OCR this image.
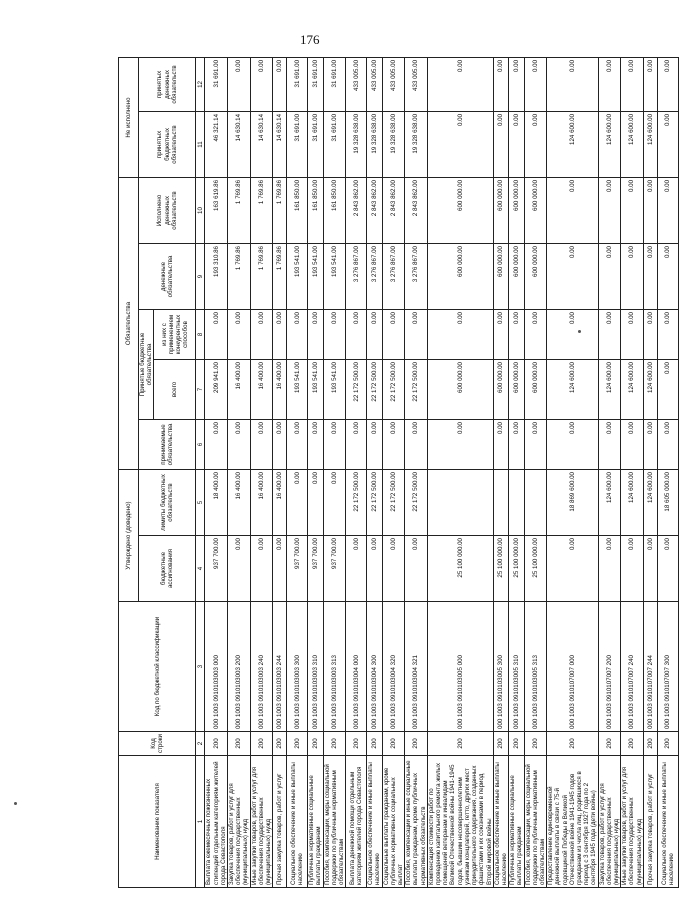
176
Наименование показателя	Код строки	Код по бюджетной классификации	Утверждено (доведено)		Обязательства					Не исполнено	
			бюджетные ассигнования	лимиты бюджетных обязательств	принимаемые обязательства	Принятые бюджетные обязательства		денежные обязательства	Исполнено денежных обязательств	принятых бюджетных обязательств	принятых денежных обязательств
						всего	из них с применением конкурентных способов				
1	2	3	4	5	6	7	8	9	10	11	12
Выплата ежемесячных пожизненных стипендий отдельным категориям жителей города Севастополя	200	000 1003 0910103003 000	937 700.00	18 400.00	0.00	209 941.00	0.00	193 310.86	163 619.86	46 321.14	31 691.00
Закупка товаров, работ и услуг для обеспечения государственных (муниципальных) нужд	200	000 1003 0910103003 200	0.00	16 400.00	0.00	16 400.00	0.00	1 769.86	1 769.86	14 630.14	0.00
Иные закупки товаров, работ и услуг для обеспечения государственных (муниципальных) нужд	200	000 1003 0910103003 240	0.00	16 400.00	0.00	16 400.00	0.00	1 769.86	1 769.86	14 630.14	0.00
Прочая закупка товаров, работ и услуг	200	000 1003 0910103003 244	0.00	16 400.00	0.00	16 400.00	0.00	1 769.86	1 769.86	14 630.14	0.00
Социальное обеспечение и иные выплаты населению	200	000 1003 0910103003 300	937 700.00	0.00	0.00	193 541.00	0.00	193 541.00	161 850.00	31 691.00	31 691.00
Публичные нормативные социальные выплаты гражданам	200	000 1003 0910103003 310	937 700.00	0.00	0.00	193 541.00	0.00	193 541.00	161 850.00	31 691.00	31 691.00
Пособия, компенсации, меры социальной поддержки по публичным нормативным обязательствам	200	000 1003 0910103003 313	937 700.00	0.00	0.00	193 541.00	0.00	193 541.00	161 850.00	31 691.00	31 691.00
Выплата денежной помощи отдельным категориям жителей города Севастополя	200	000 1003 0910103004 000	0.00	22 172 500.00	0.00	22 172 500.00	0.00	3 276 867.00	2 843 862.00	19 328 638.00	433 005.00
Социальное обеспечение и иные выплаты населению	200	000 1003 0910103004 300	0.00	22 172 500.00	0.00	22 172 500.00	0.00	3 276 867.00	2 843 862.00	19 328 638.00	433 005.00
Социальные выплаты гражданам, кроме публичных нормативных социальных выплат	200	000 1003 0910103004 320	0.00	22 172 500.00	0.00	22 172 500.00	0.00	3 276 867.00	2 843 862.00	19 328 638.00	433 005.00
Пособия, компенсации и иные социальные выплаты гражданам, кроме публичных нормативных обязательств	200	000 1003 0910103004 321	0.00	22 172 500.00	0.00	22 172 500.00	0.00	3 276 867.00	2 843 862.00	19 328 638.00	433 005.00
Компенсация стоимости работ по проведению капитального ремонта жилых помещений ветеранам и инвалидам Великой Отечественной войны 1941-1945 годов, бывшим несовершеннолетним узникам концлагерей, гетто, других мест принудительного содержания, созданных фашистами и их союзниками в период Второй мировой войны	200	000 1003 0910103005 000	25 100 000.00		0.00	600 000.00	0.00	600 000.00	600 000.00	0.00	0.00
Социальное обеспечение и иные выплаты населению	200	000 1003 0910103005 300	25 100 000.00		0.00	600 000.00	0.00	600 000.00	600 000.00	0.00	0.00
Публичные нормативные социальные выплаты гражданам	200	000 1003 0910103005 310	25 100 000.00		0.00	600 000.00	0.00	600 000.00	600 000.00	0.00	0.00
Пособия, компенсации, меры социальной поддержки по публичным нормативным обязательствам	200	000 1003 0910103005 313	25 100 000.00		0.00	600 000.00	0.00	600 000.00	600 000.00	0.00	0.00
Предоставление единовременной денежной выплаты в связи с 75-й годовщиной Победы в Великой Отечественной войне 1941-1945 годов гражданам из числа лиц, родившихся в период с 3 сентября 1927 года по 2 сентября 1945 года (дети войны)	200	000 1003 0910107007 000	0.00	18 869 600.00	0.00	124 600.00	0.00	0.00	0.00	124 600.00	0.00
Закупка товаров, работ и услуг для обеспечения государственных (муниципальных) нужд	200	000 1003 0910107007 200	0.00	124 600.00	0.00	124 600.00	0.00	0.00	0.00	124 600.00	0.00
Иные закупки товаров, работ и услуг для обеспечения государственных (муниципальных) нужд	200	000 1003 0910107007 240	0.00	124 600.00	0.00	124 600.00	0.00	0.00	0.00	124 600.00	0.00
Прочая закупка товаров, работ и услуг	200	000 1003 0910107007 244	0.00	124 600.00	0.00	124 600.00	0.00	0.00	0.00	124 600.00	0.00
Социальное обеспечение и иные выплаты населению	200	000 1003 0910107007 300	0.00	18 605 000.00	0.00	0.00	0.00	0.00	0.00	0.00	0.00
